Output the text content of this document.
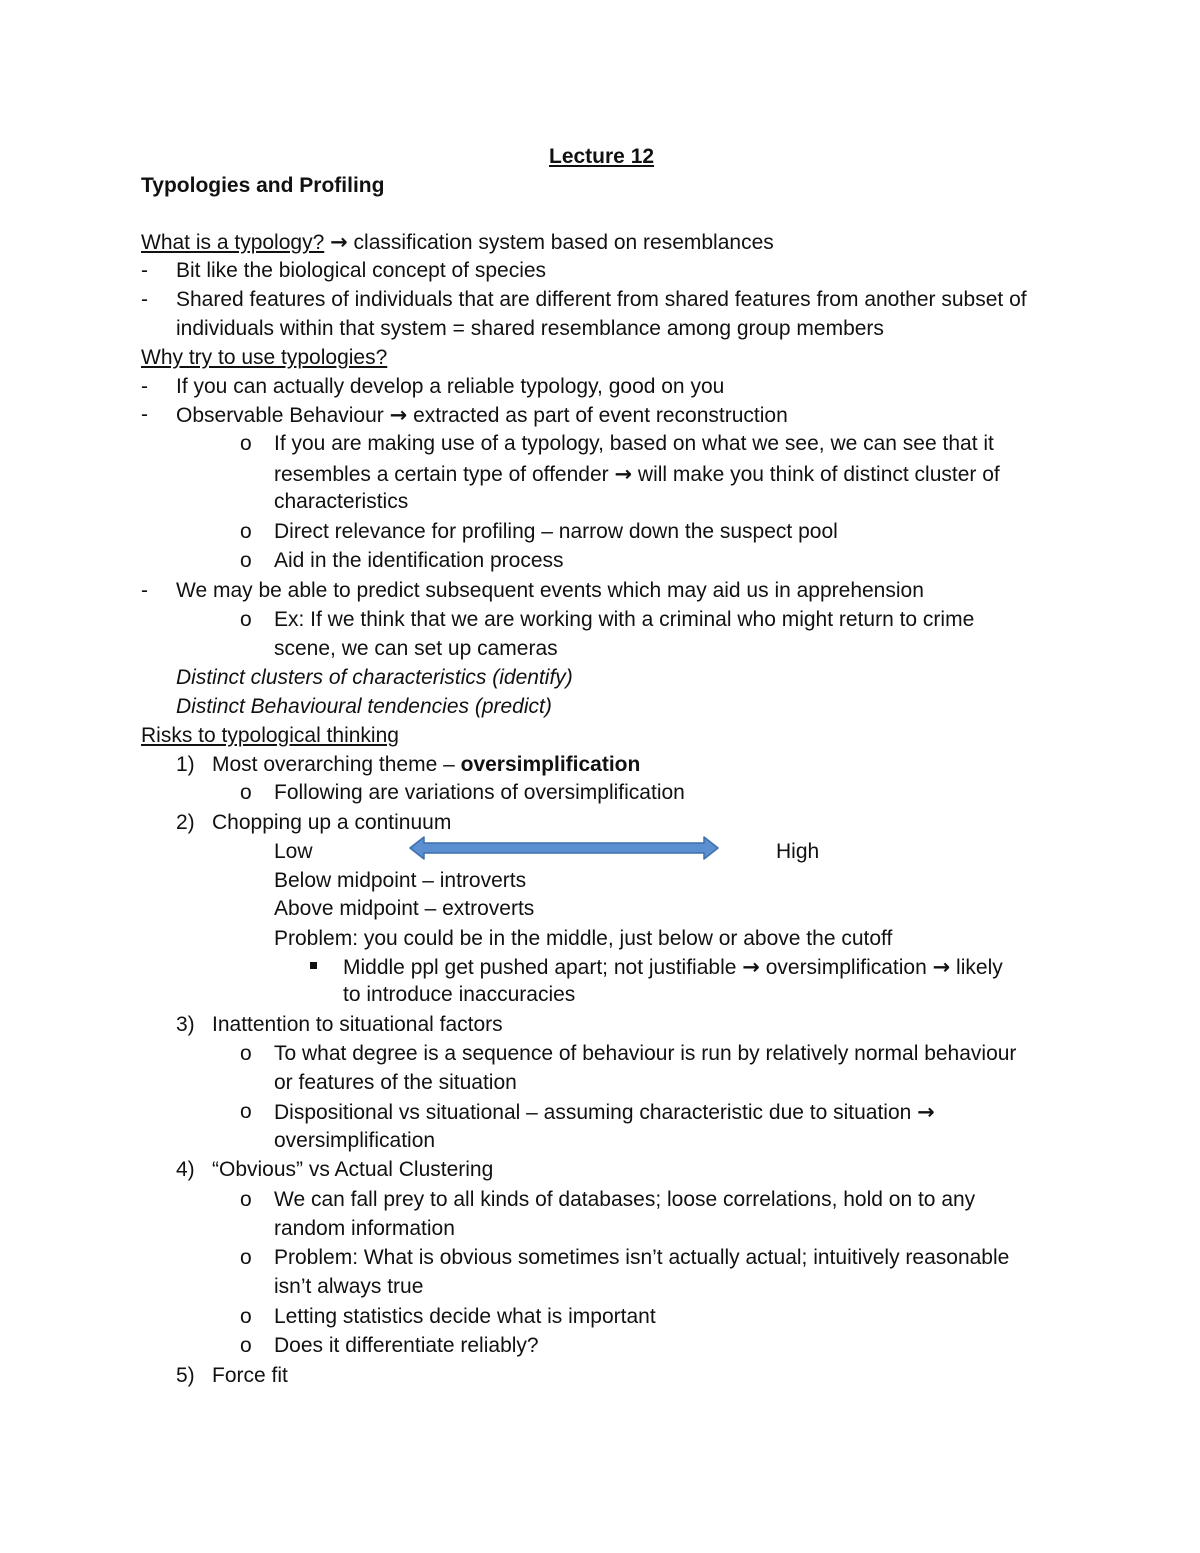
Lecture 12
Typologies and Profiling
What is a typology? → classification system based on resemblances
- Bit like the biological concept of species
- Shared features of individuals that are different from shared features from another subset of
individuals within that system = shared resemblance among group members
Why try to use typologies?
- If you can actually develop a reliable typology, good on you
- Observable Behaviour → extracted as part of event reconstruction
o If you are making use of a typology, based on what we see, we can see that it
resembles a certain type of offender → will make you think of distinct cluster of
characteristics
o Direct relevance for profiling – narrow down the suspect pool
o Aid in the identification process
- We may be able to predict subsequent events which may aid us in apprehension
o Ex: If we think that we are working with a criminal who might return to crime
scene, we can set up cameras
Distinct clusters of characteristics (identify)
Distinct Behavioural tendencies (predict)
Risks to typological thinking
1) Most overarching theme – oversimplification
o Following are variations of oversimplification
2) Chopping up a continuum
Low	High
Below midpoint – introverts
Above midpoint – extroverts
Problem: you could be in the middle, just below or above the cutoff
Middle ppl get pushed apart; not justifiable → oversimplification → likely
to introduce inaccuracies
3) Inattention to situational factors
o To what degree is a sequence of behaviour is run by relatively normal behaviour
or features of the situation
o Dispositional vs situational – assuming characteristic due to situation →
oversimplification
4) “Obvious” vs Actual Clustering
o We can fall prey to all kinds of databases; loose correlations, hold on to any
random information
o Problem: What is obvious sometimes isn’t actually actual; intuitively reasonable
isn’t always true
o Letting statistics decide what is important
o Does it differentiate reliably?
5) Force fit
